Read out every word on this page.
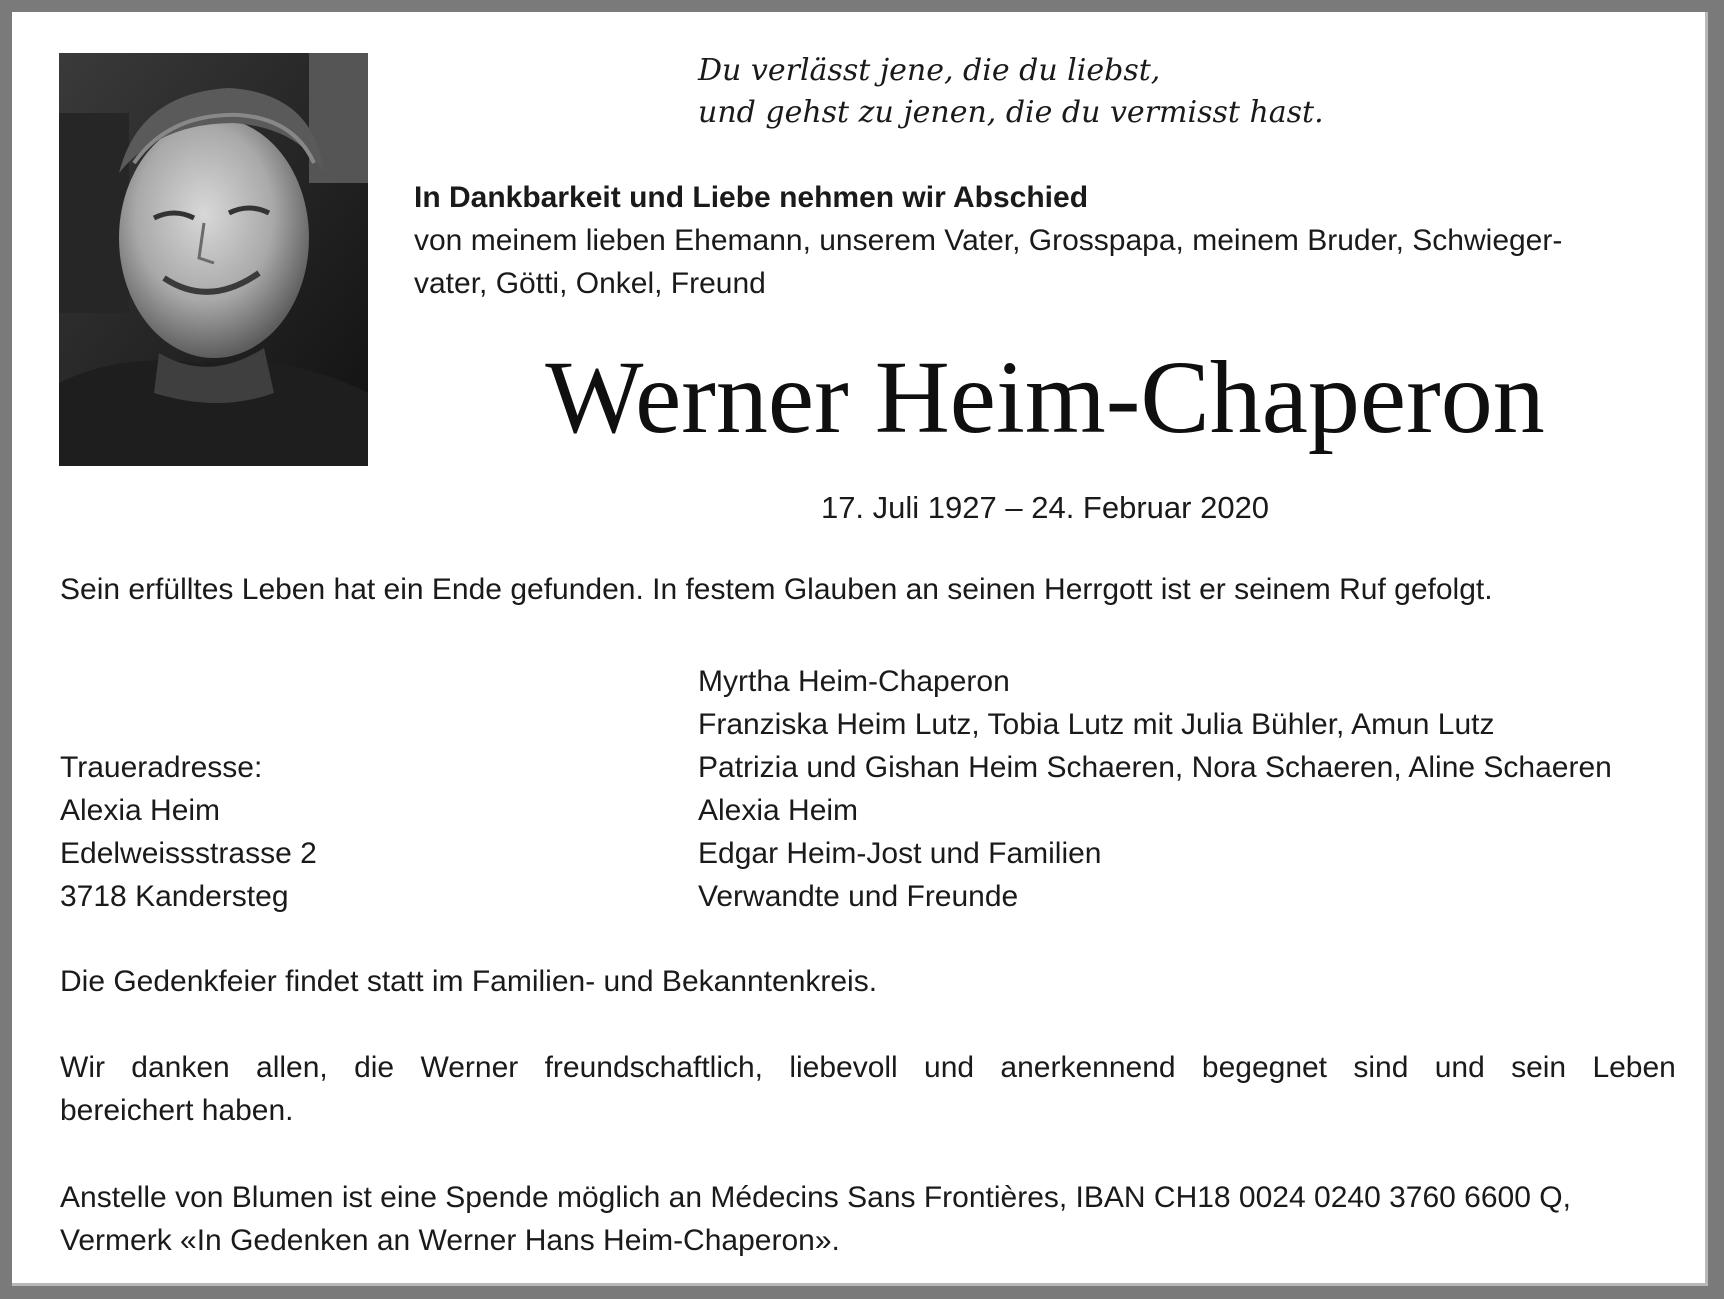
Du verlässt jene, die du liebst,
und gehst zu jenen, die du vermisst hast.
In Dankbarkeit und Liebe nehmen wir Abschied
von meinem lieben Ehemann, unserem Vater, Grosspapa, meinem Bruder, Schwieger-
vater, Götti, Onkel, Freund
Werner Heim-Chaperon
17. Juli 1927 – 24. Februar 2020
Sein erfülltes Leben hat ein Ende gefunden. In festem Glauben an seinen Herrgott ist er seinem Ruf gefolgt.
Myrtha Heim-Chaperon
Franziska Heim Lutz, Tobia Lutz mit Julia Bühler, Amun Lutz
Patrizia und Gishan Heim Schaeren, Nora Schaeren, Aline Schaeren
Alexia Heim
Edgar Heim-Jost und Familien
Verwandte und Freunde
Traueradresse:
Alexia Heim
Edelweissstrasse 2
3718 Kandersteg
Die Gedenkfeier findet statt im Familien- und Bekanntenkreis.
Wir danken allen, die Werner freundschaftlich, liebevoll und anerkennend begegnet sind und sein Leben
bereichert haben.
Anstelle von Blumen ist eine Spende möglich an Médecins Sans Frontières, IBAN CH18 0024 0240 3760 6600 Q,
Vermerk «In Gedenken an Werner Hans Heim-Chaperon».
